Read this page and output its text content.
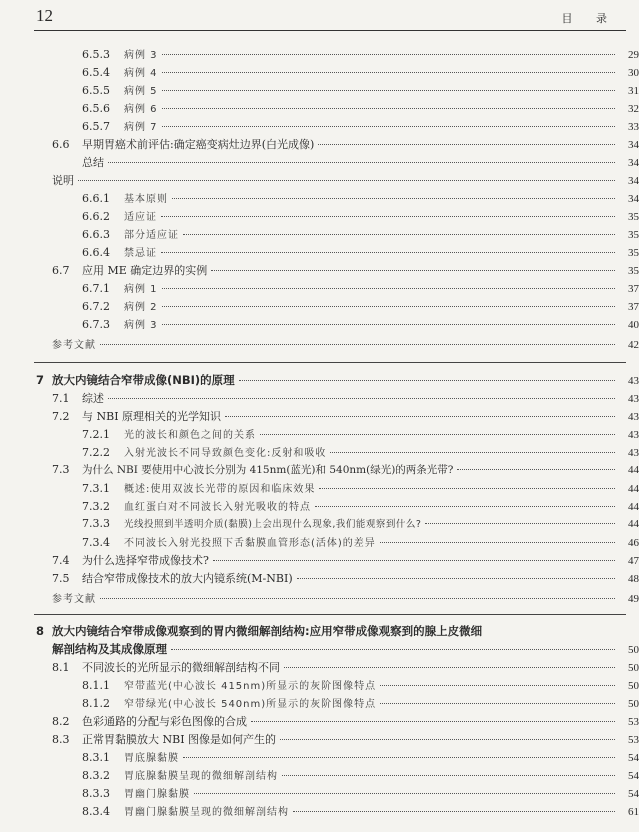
12	目 录
6.5.3	病例 3	29
6.5.4	病例 4	30
6.5.5	病例 5	31
6.5.6	病例 6	32
6.5.7	病例 7	33
6.6	早期胃癌术前评估:确定癌变病灶边界(白光成像)	34
总结	34
说明	34
6.6.1	基本原则	34
6.6.2	适应证	35
6.6.3	部分适应证	35
6.6.4	禁忌证	35
6.7	应用 ME 确定边界的实例	35
6.7.1	病例 1	37
6.7.2	病例 2	37
6.7.3	病例 3	40
参考文献	42
7 放大内镜结合窄带成像(NBI)的原理	43
7.1	综述	43
7.2	与 NBI 原理相关的光学知识	43
7.2.1	光的波长和颜色之间的关系	43
7.2.2	入射光波长不同导致颜色变化:反射和吸收	43
7.3	为什么 NBI 要使用中心波长分别为 415nm(蓝光)和 540nm(绿光)的两条光带?	44
7.3.1	概述:使用双波长光带的原因和临床效果	44
7.3.2	血红蛋白对不同波长入射光吸收的特点	44
7.3.3	光线投照到半透明介质(黏膜)上会出现什么现象,我们能观察到什么?	44
7.3.4	不同波长入射光投照下舌黏膜血管形态(活体)的差异	46
7.4	为什么选择窄带成像技术?	47
7.5	结合窄带成像技术的放大内镜系统(M-NBI)	48
参考文献	49
8 放大内镜结合窄带成像观察到的胃内微细解剖结构:应用窄带成像观察到的腺上皮微细
解剖结构及其成像原理	50
8.1	不同波长的光所显示的微细解剖结构不同	50
8.1.1	窄带蓝光(中心波长 415nm)所显示的灰阶图像特点	50
8.1.2	窄带绿光(中心波长 540nm)所显示的灰阶图像特点	50
8.2	色彩通路的分配与彩色图像的合成	53
8.3	正常胃黏膜放大 NBI 图像是如何产生的	53
8.3.1	胃底腺黏膜	54
8.3.2	胃底腺黏膜呈现的微细解剖结构	54
8.3.3	胃幽门腺黏膜	54
8.3.4	胃幽门腺黏膜呈现的微细解剖结构	61
